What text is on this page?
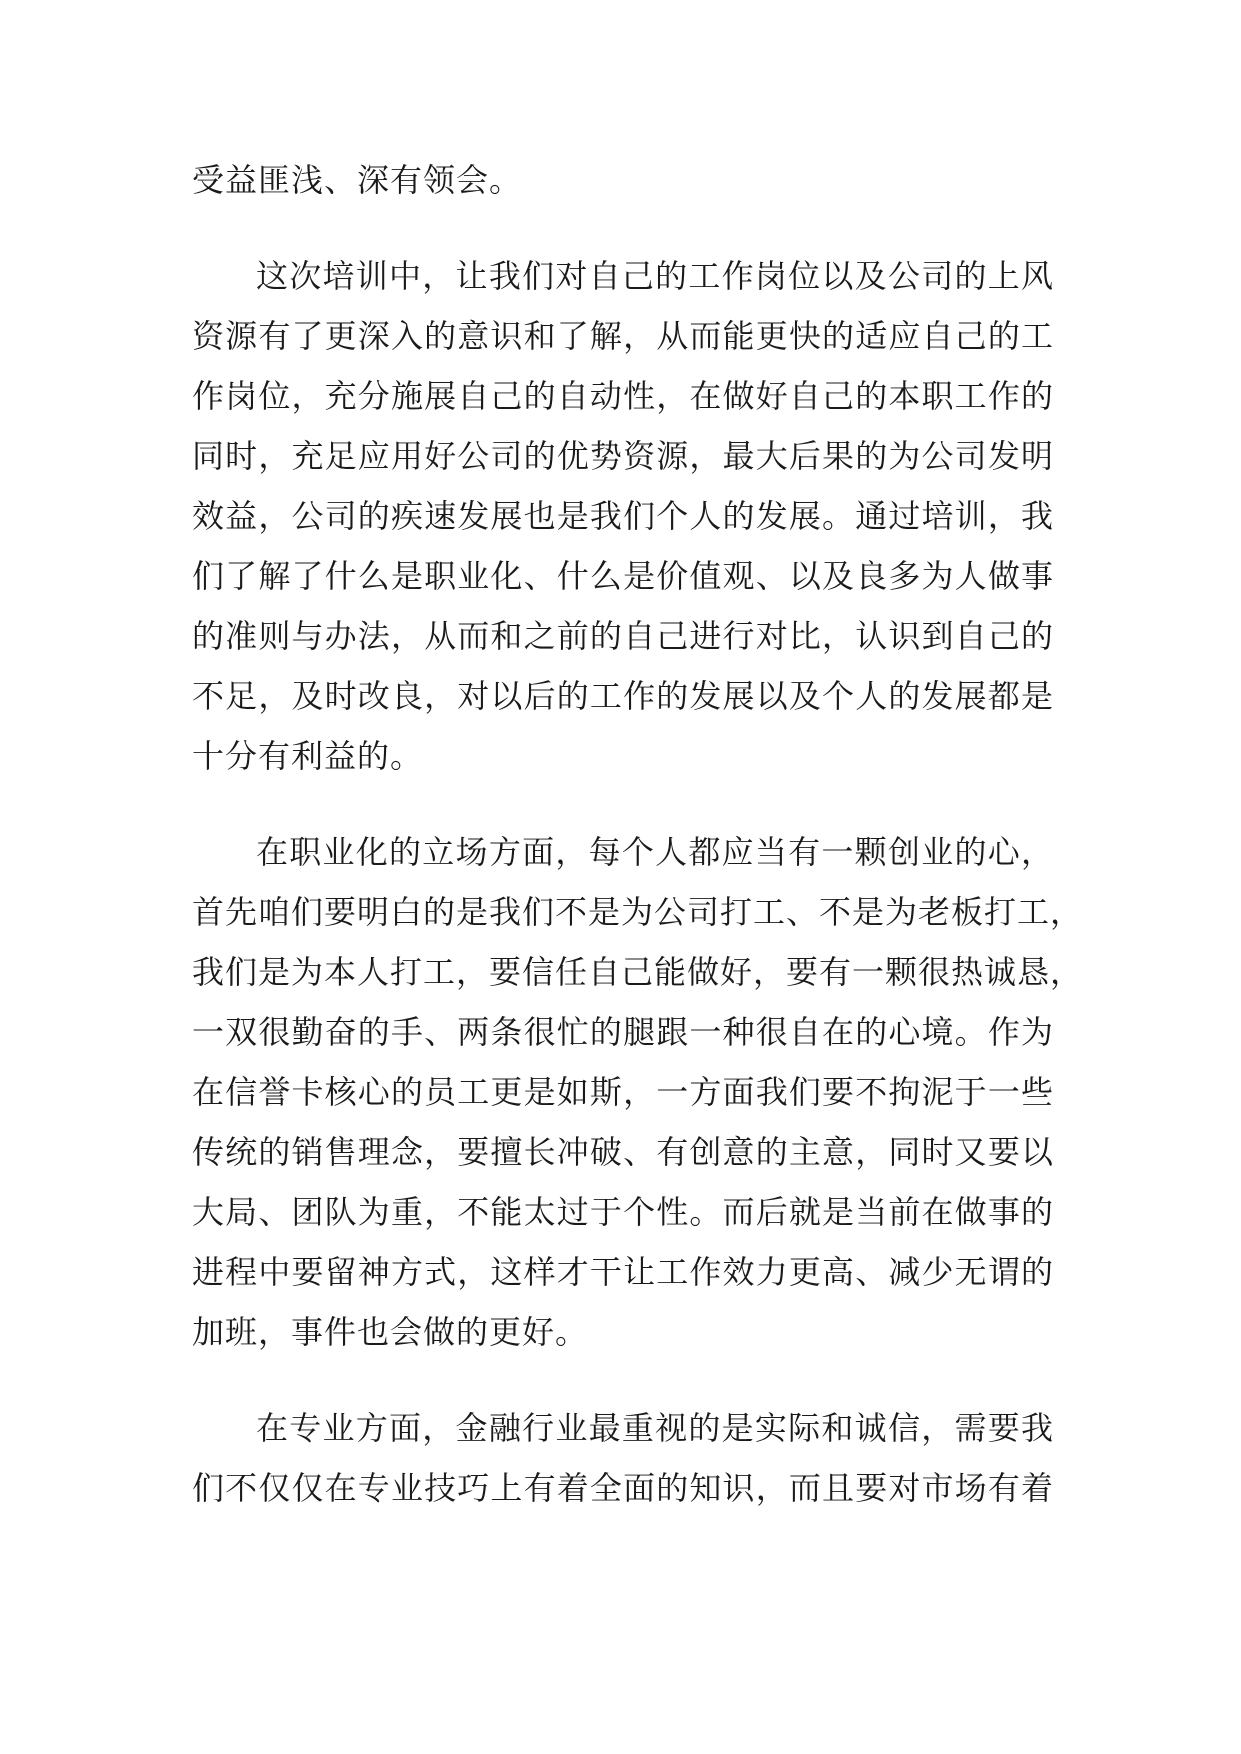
受益匪浅、深有领会。

这次培训中，让我们对自己的工作岗位以及公司的上风

资源有了更深入的意识和了解，从而能更快的适应自己的工

作岗位，充分施展自己的自动性，在做好自己的本职工作的

同时，充足应用好公司的优势资源，最大后果的为公司发明

效益，公司的疾速发展也是我们个人的发展。通过培训，我

们了解了什么是职业化、什么是价值观、以及良多为人做事

的准则与办法，从而和之前的自己进行对比，认识到自己的

不足，及时改良，对以后的工作的发展以及个人的发展都是

十分有利益的。

在职业化的立场方面，每个人都应当有一颗创业的心，

首先咱们要明白的是我们不是为公司打工、不是为老板打工，

我们是为本人打工，要信任自己能做好，要有一颗很热诚恳，

一双很勤奋的手、两条很忙的腿跟一种很自在的心境。作为

在信誉卡核心的员工更是如斯，一方面我们要不拘泥于一些

传统的销售理念，要擅长冲破、有创意的主意，同时又要以

大局、团队为重，不能太过于个性。而后就是当前在做事的

进程中要留神方式，这样才干让工作效力更高、减少无谓的

加班，事件也会做的更好。

在专业方面，金融行业最重视的是实际和诚信，需要我

们不仅仅在专业技巧上有着全面的知识，而且要对市场有着
